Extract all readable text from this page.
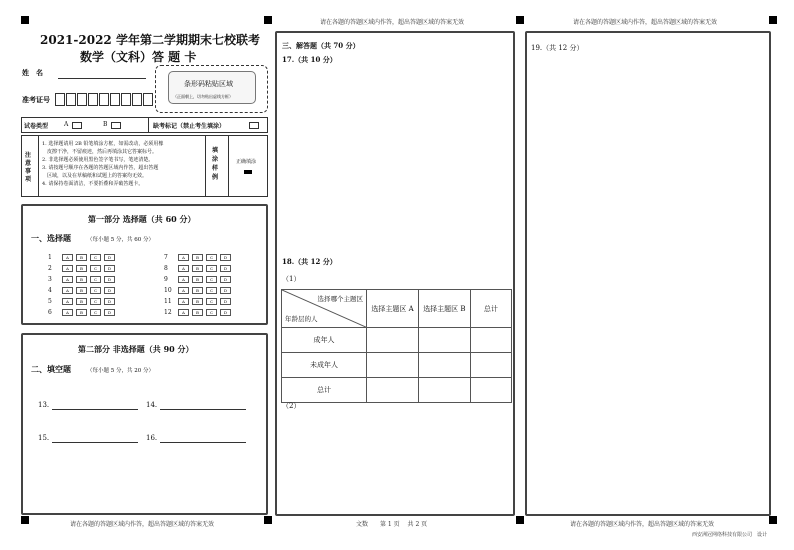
请在各题的答题区域内作答，超出答题区域的答案无效	请在各题的答题区域内作答，超出答题区域的答案无效
请在各题的答题区域内作答，超出答题区域的答案无效	文数　　第 1 页　 共 2 页	请在各题的答题区域内作答，超出答题区域的答案无效
西安洲冠网络科技有限公司　设计
2021-2022 学年第二学期期末七校联考
数学（文科）答 题 卡
姓　名
准考证号
条形码粘贴区域
（正面朝上，切勿贴出虚线方框）
试卷类型	A	B	缺考标记（禁止考生填涂）
注意事项
1. 选择题请用 2B 铅笔填涂方框，如需改动，必须用橡
　皮擦干净，不留痕迹，然后再填涂其它答案标号。
2. 非选择题必须使用黑色签字笔书写，笔迹清楚。
3. 请按题号顺序在各题的答题区域内作答，超出答题
　区域，以及在草稿纸和试题上的答案均无效。
4. 请保持卷面清洁，不要折叠和弄破答题卡。
填涂样例
正确填涂
第一部分 选择题（共 60 分）
一、选择题	（每小题 5 分，共 60 分）
1	A	B	C	D
2	A	B	C	D
3	A	B	C	D
4	A	B	C	D
5	A	B	C	D
6	A	B	C	D
7	A	B	C	D
8	A	B	C	D
9	A	B	C	D
10	A	B	C	D
11	A	B	C	D
12	A	B	C	D
第二部分 非选择题（共 90 分）
二、填空题	（每小题 5 分，共 20 分）
13.	14.
15.	16.
三、解答题（共 70 分）
17.（共 10 分）
18.（共 12 分）
（1）
选择哪个主题区
年龄层的人	选择主题区 A	选择主题区 B	总计
成年人			
未成年人			
总计			
（2）
19.（共 12 分）
